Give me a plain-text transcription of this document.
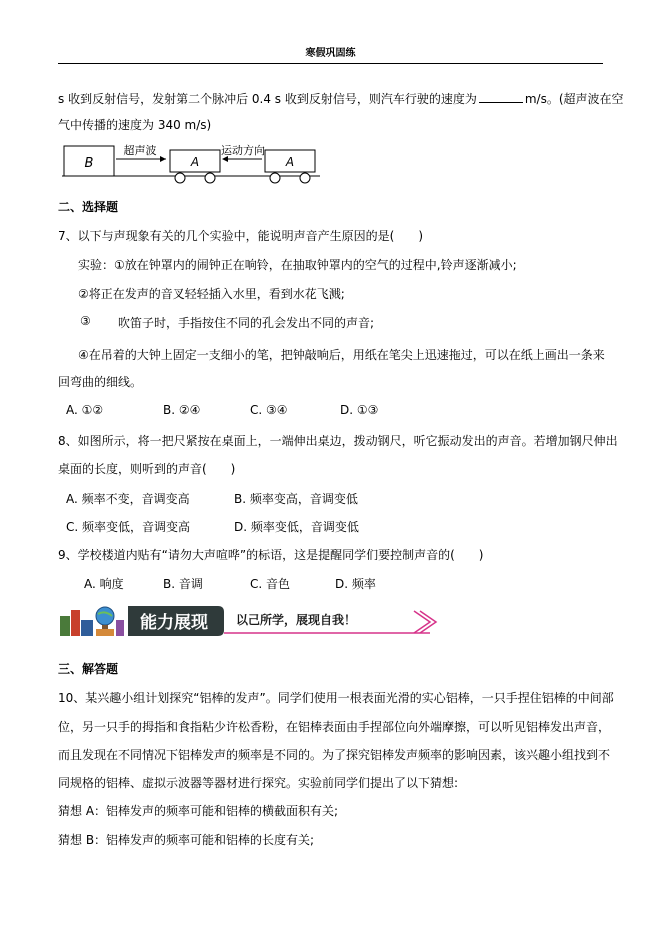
寒假巩固练
s 收到反射信号，发射第二个脉冲后 0.4 s 收到反射信号，则汽车行驶的速度为	m/s。(超声波在空
气中传播的速度为 340 m/s)
B	A	A
超声波	运动方向
二、选择题
7、以下与声现象有关的几个实验中，能说明声音产生原因的是(　　)
实验：①放在钟罩内的闹钟正在响铃，在抽取钟罩内的空气的过程中,铃声逐渐减小;
②将正在发声的音叉轻轻插入水里，看到水花飞溅;
③ 吹笛子时，手指按住不同的孔会发出不同的声音;
④在吊着的大钟上固定一支细小的笔，把钟敲响后，用纸在笔尖上迅速拖过，可以在纸上画出一条来
回弯曲的细线。
A. ①②	B. ②④	C. ③④	D. ①③
8、如图所示，将一把尺紧按在桌面上，一端伸出桌边，拨动钢尺，听它振动发出的声音。若增加钢尺伸出
桌面的长度，则听到的声音(　　)
A. 频率不变，音调变高	B. 频率变高，音调变低
C. 频率变低，音调变高	D. 频率变低，音调变低
9、学校楼道内贴有“请勿大声喧哗”的标语，这是提醒同学们要控制声音的(　　)
A. 响度	B. 音调	C. 音色	D. 频率
能力展现 以己所学，展现自我！
三、解答题
10、某兴趣小组计划探究“铝棒的发声”。同学们使用一根表面光滑的实心铝棒，一只手捏住铝棒的中间部
位，另一只手的拇指和食指粘少许松香粉，在铝棒表面由手捏部位向外端摩擦，可以听见铝棒发出声音，
而且发现在不同情况下铝棒发声的频率是不同的。为了探究铝棒发声频率的影响因素，该兴趣小组找到不
同规格的铝棒、虚拟示波器等器材进行探究。实验前同学们提出了以下猜想:
猜想 A：铝棒发声的频率可能和铝棒的横截面积有关;
猜想 B：铝棒发声的频率可能和铝棒的长度有关;
